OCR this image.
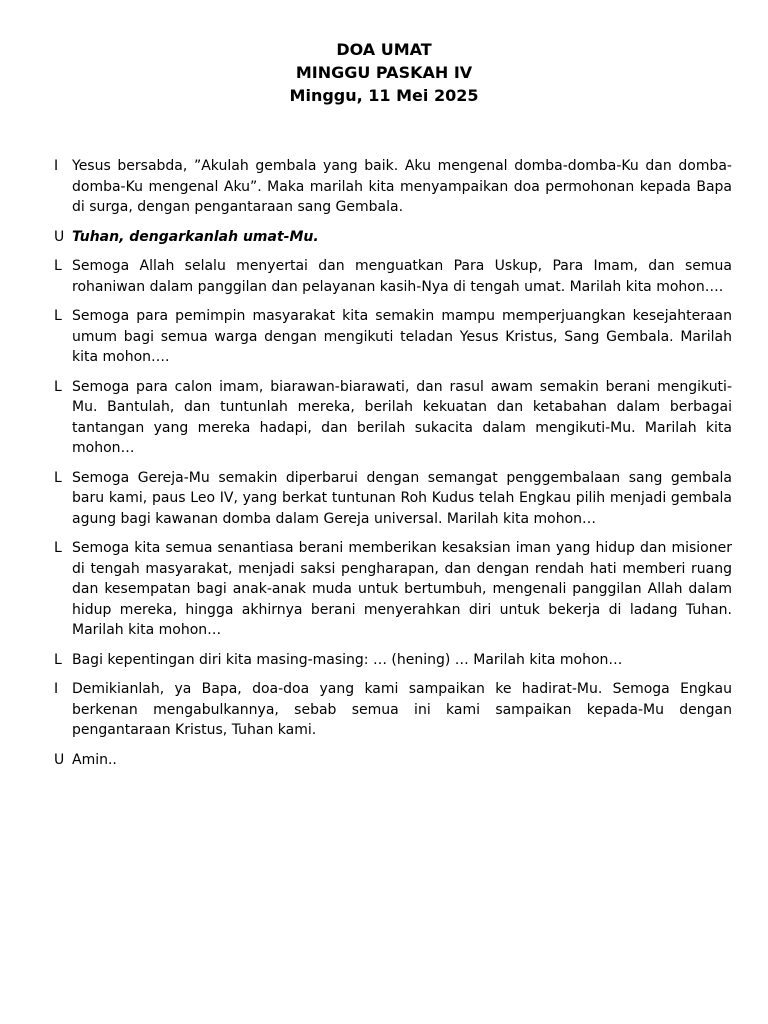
DOA UMAT
MINGGU PASKAH IV
Minggu, 11 Mei 2025
I Yesus bersabda, ”Akulah gembala yang baik. Aku mengenal domba-domba-Ku dan domba-domba-Ku mengenal Aku”. Maka marilah kita menyampaikan doa permohonan kepada Bapa di surga, dengan pengantaraan sang Gembala.
U Tuhan, dengarkanlah umat-Mu.
L Semoga Allah selalu menyertai dan menguatkan Para Uskup, Para Imam, dan semua rohaniwan dalam panggilan dan pelayanan kasih-Nya di tengah umat. Marilah kita mohon….
L Semoga para pemimpin masyarakat kita semakin mampu memperjuangkan kesejahteraan umum bagi semua warga dengan mengikuti teladan Yesus Kristus, Sang Gembala. Marilah kita mohon….
L Semoga para calon imam, biarawan-biarawati, dan rasul awam semakin berani mengikuti-Mu. Bantulah, dan tuntunlah mereka, berilah kekuatan dan ketabahan dalam berbagai tantangan yang mereka hadapi, dan berilah sukacita dalam mengikuti-Mu. Marilah kita mohon…
L Semoga Gereja-Mu semakin diperbarui dengan semangat penggembalaan sang gembala baru kami, paus Leo IV, yang berkat tuntunan Roh Kudus telah Engkau pilih menjadi gembala agung bagi kawanan domba dalam Gereja universal. Marilah kita mohon…
L Semoga kita semua senantiasa berani memberikan kesaksian iman yang hidup dan misioner di tengah masyarakat, menjadi saksi pengharapan, dan dengan rendah hati memberi ruang dan kesempatan bagi anak-anak muda untuk bertumbuh, mengenali panggilan Allah dalam hidup mereka, hingga akhirnya berani menyerahkan diri untuk bekerja di ladang Tuhan. Marilah kita mohon…
L Bagi kepentingan diri kita masing-masing: … (hening) … Marilah kita mohon…
I Demikianlah, ya Bapa, doa-doa yang kami sampaikan ke hadirat-Mu. Semoga Engkau berkenan mengabulkannya, sebab semua ini kami sampaikan kepada-Mu dengan pengantaraan Kristus, Tuhan kami.
U Amin..
